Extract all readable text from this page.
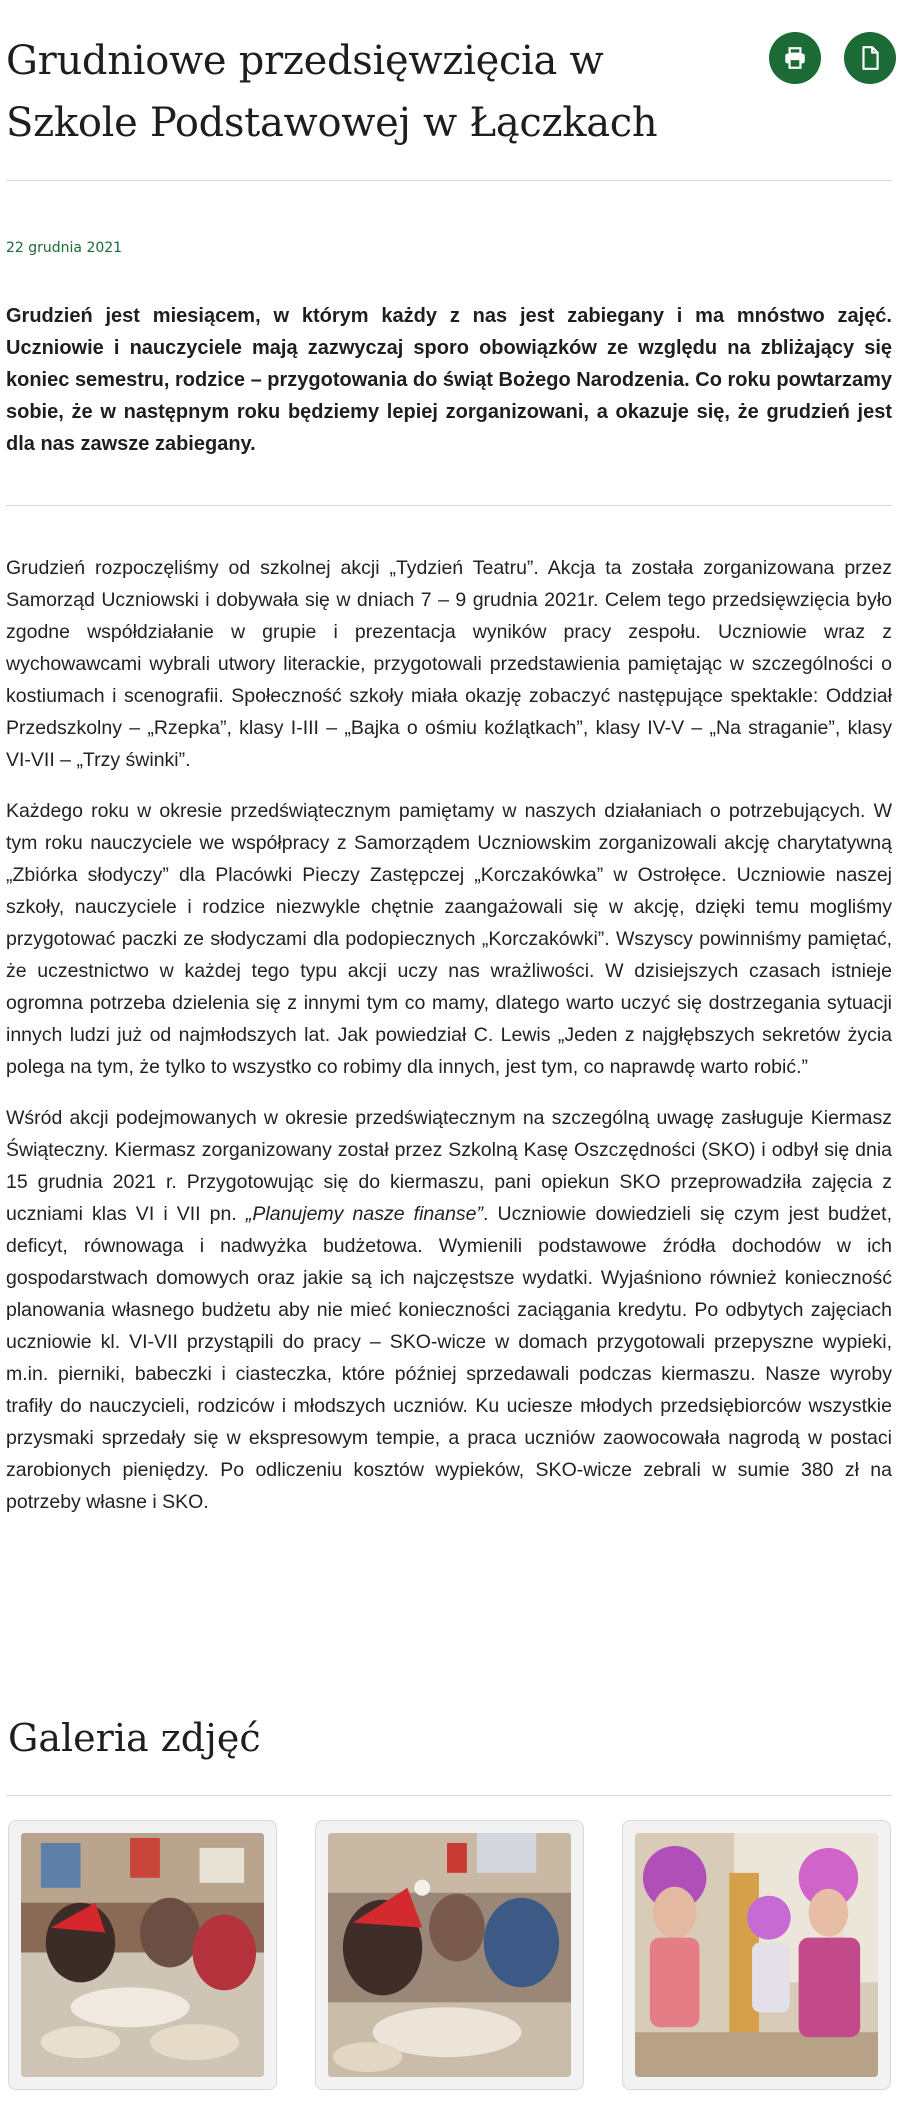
Grudniowe przedsięwzięcia w Szkole Podstawowej w Łączkach
22 grudnia 2021
Grudzień jest miesiącem, w którym każdy z nas jest zabiegany i ma mnóstwo zajęć. Uczniowie i nauczyciele mają zazwyczaj sporo obowiązków ze względu na zbliżający się koniec semestru, rodzice – przygotowania do świąt Bożego Narodzenia. Co roku powtarzamy sobie, że w następnym roku będziemy lepiej zorganizowani, a okazuje się, że grudzień jest dla nas zawsze zabiegany.

Grudzień rozpoczęliśmy od szkolnej akcji „Tydzień Teatru”. Akcja ta została zorganizowana przez Samorząd Uczniowski i dobywała się w dniach 7 – 9 grudnia 2021r. Celem tego przedsięwzięcia było zgodne współdziałanie w grupie i prezentacja wyników pracy zespołu. Uczniowie wraz z wychowawcami wybrali utwory literackie, przygotowali przedstawienia pamiętając w szczególności o kostiumach i scenografii. Społeczność szkoły miała okazję zobaczyć następujące spektakle: Oddział Przedszkolny – „Rzepka”, klasy I-III – „Bajka o ośmiu koźlątkach”, klasy IV-V – „Na straganie”, klasy VI-VII – „Trzy świnki”.

Każdego roku w okresie przedświątecznym pamiętamy w naszych działaniach o potrzebujących. W tym roku nauczyciele we współpracy z Samorządem Uczniowskim zorganizowali akcję charytatywną „Zbiórka słodyczy” dla Placówki Pieczy Zastępczej „Korczakówka” w Ostrołęce. Uczniowie naszej szkoły, nauczyciele i rodzice niezwykle chętnie zaangażowali się w akcję, dzięki temu mogliśmy przygotować paczki ze słodyczami dla podopiecznych „Korczakówki”. Wszyscy powinniśmy pamiętać, że uczestnictwo w każdej tego typu akcji uczy nas wrażliwości. W dzisiejszych czasach istnieje ogromna potrzeba dzielenia się z innymi tym co mamy, dlatego warto uczyć się dostrzegania sytuacji innych ludzi już od najmłodszych lat. Jak powiedział C. Lewis „Jeden z najgłębszych sekretów życia polega na tym, że tylko to wszystko co robimy dla innych, jest tym, co naprawdę warto robić.”

Wśród akcji podejmowanych w okresie przedświątecznym na szczególną uwagę zasługuje Kiermasz Świąteczny. Kiermasz zorganizowany został przez Szkolną Kasę Oszczędności (SKO) i odbył się dnia 15 grudnia 2021 r. Przygotowując się do kiermaszu, pani opiekun SKO przeprowadziła zajęcia z uczniami klas VI i VII pn. „Planujemy nasze finanse”. Uczniowie dowiedzieli się czym jest budżet, deficyt, równowaga i nadwyżka budżetowa. Wymienili podstawowe źródła dochodów w ich gospodarstwach domowych oraz jakie są ich najczęstsze wydatki. Wyjaśniono również konieczność planowania własnego budżetu aby nie mieć konieczności zaciągania kredytu. Po odbytych zajęciach uczniowie kl. VI-VII przystąpili do pracy – SKO-wicze w domach przygotowali przepyszne wypieki, m.in. pierniki, babeczki i ciasteczka, które później sprzedawali podczas kiermaszu. Nasze wyroby trafiły do nauczycieli, rodziców i młodszych uczniów. Ku uciesze młodych przedsiębiorców wszystkie przysmaki sprzedały się w ekspresowym tempie, a praca uczniów zaowocowała nagrodą w postaci zarobionych pieniędzy. Po odliczeniu kosztów wypieków, SKO-wicze zebrali w sumie 380 zł na potrzeby własne i SKO.

Galeria zdjęć
